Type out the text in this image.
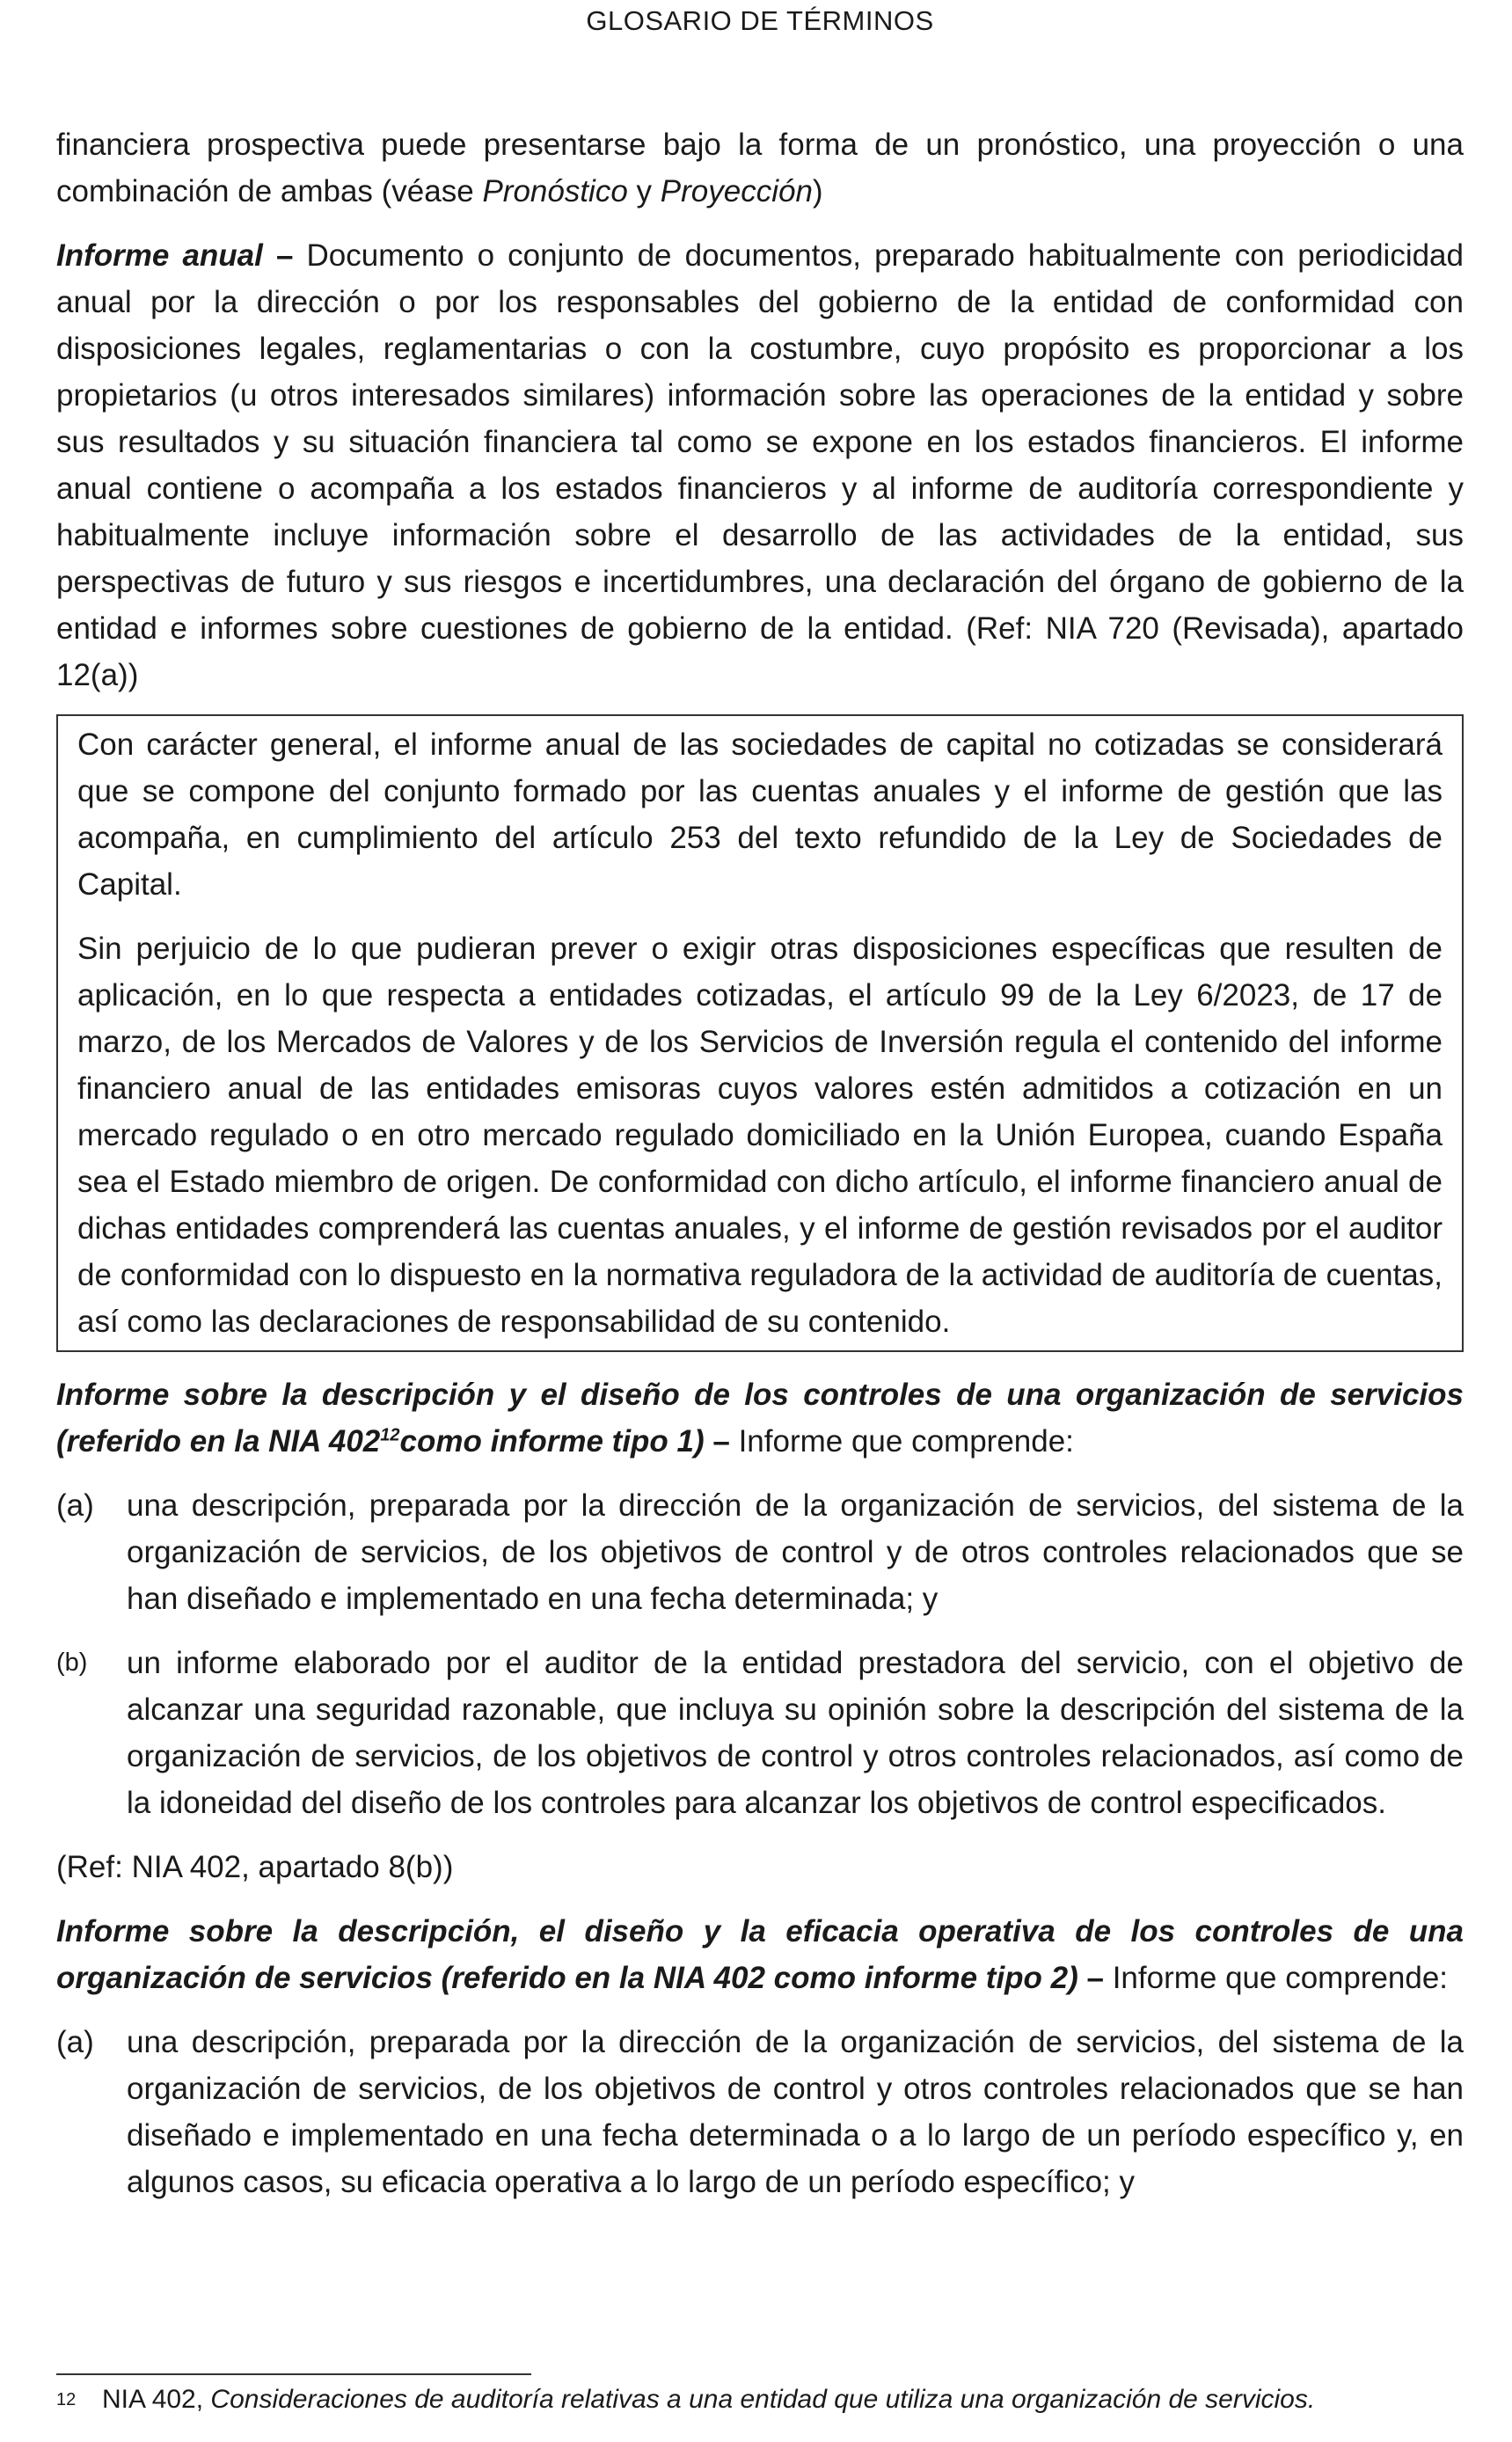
GLOSARIO DE TÉRMINOS

financiera prospectiva puede presentarse bajo la forma de un pronóstico, una proyección o una combinación de ambas (véase Pronóstico y Proyección)

Informe anual – Documento o conjunto de documentos, preparado habitualmente con periodicidad anual por la dirección o por los responsables del gobierno de la entidad de conformidad con disposiciones legales, reglamentarias o con la costumbre, cuyo propósito es proporcionar a los propietarios (u otros interesados similares) información sobre las operaciones de la entidad y sobre sus resultados y su situación financiera tal como se expone en los estados financieros. El informe anual contiene o acompaña a los estados financieros y al informe de auditoría correspondiente y habitualmente incluye información sobre el desarrollo de las actividades de la entidad, sus perspectivas de futuro y sus riesgos e incertidumbres, una declaración del órgano de gobierno de la entidad e informes sobre cuestiones de gobierno de la entidad. (Ref: NIA 720 (Revisada), apartado 12(a))

Con carácter general, el informe anual de las sociedades de capital no cotizadas se considerará que se compone del conjunto formado por las cuentas anuales y el informe de gestión que las acompaña, en cumplimiento del artículo 253 del texto refundido de la Ley de Sociedades de Capital.

Sin perjuicio de lo que pudieran prever o exigir otras disposiciones específicas que resulten de aplicación, en lo que respecta a entidades cotizadas, el artículo 99 de la Ley 6/2023, de 17 de marzo, de los Mercados de Valores y de los Servicios de Inversión regula el contenido del informe financiero anual de las entidades emisoras cuyos valores estén admitidos a cotización en un mercado regulado o en otro mercado regulado domiciliado en la Unión Europea, cuando España sea el Estado miembro de origen. De conformidad con dicho artículo, el informe financiero anual de dichas entidades comprenderá las cuentas anuales, y el informe de gestión revisados por el auditor de conformidad con lo dispuesto en la normativa reguladora de la actividad de auditoría de cuentas, así como las declaraciones de responsabilidad de su contenido.

Informe sobre la descripción y el diseño de los controles de una organización de servicios (referido en la NIA $402^{12}como$ informe tipo 1) – Informe que comprende:

(a)	una descripción, preparada por la dirección de la organización de servicios, del sistema de la organización de servicios, de los objetivos de control y de otros controles relacionados que se han diseñado e implementado en una fecha determinada; y
(b)	un informe elaborado por el auditor de la entidad prestadora del servicio, con el objetivo de alcanzar una seguridad razonable, que incluya su opinión sobre la descripción del sistema de la organización de servicios, de los objetivos de control y otros controles relacionados, así como de la idoneidad del diseño de los controles para alcanzar los objetivos de control especificados.

(Ref: NIA 402, apartado 8(b))

Informe sobre la descripción, el diseño y la eficacia operativa de los controles de una organización de servicios (referido en la NIA 402 como informe tipo 2) – Informe que comprende:

(a)	una descripción, preparada por la dirección de la organización de servicios, del sistema de la organización de servicios, de los objetivos de control y otros controles relacionados que se han diseñado e implementado en una fecha determinada o a lo largo de un período específico y, en algunos casos, su eficacia operativa a lo largo de un período específico; y
12 NIA 402, Consideraciones de auditoría relativas a una entidad que utiliza una organización de servicios.
